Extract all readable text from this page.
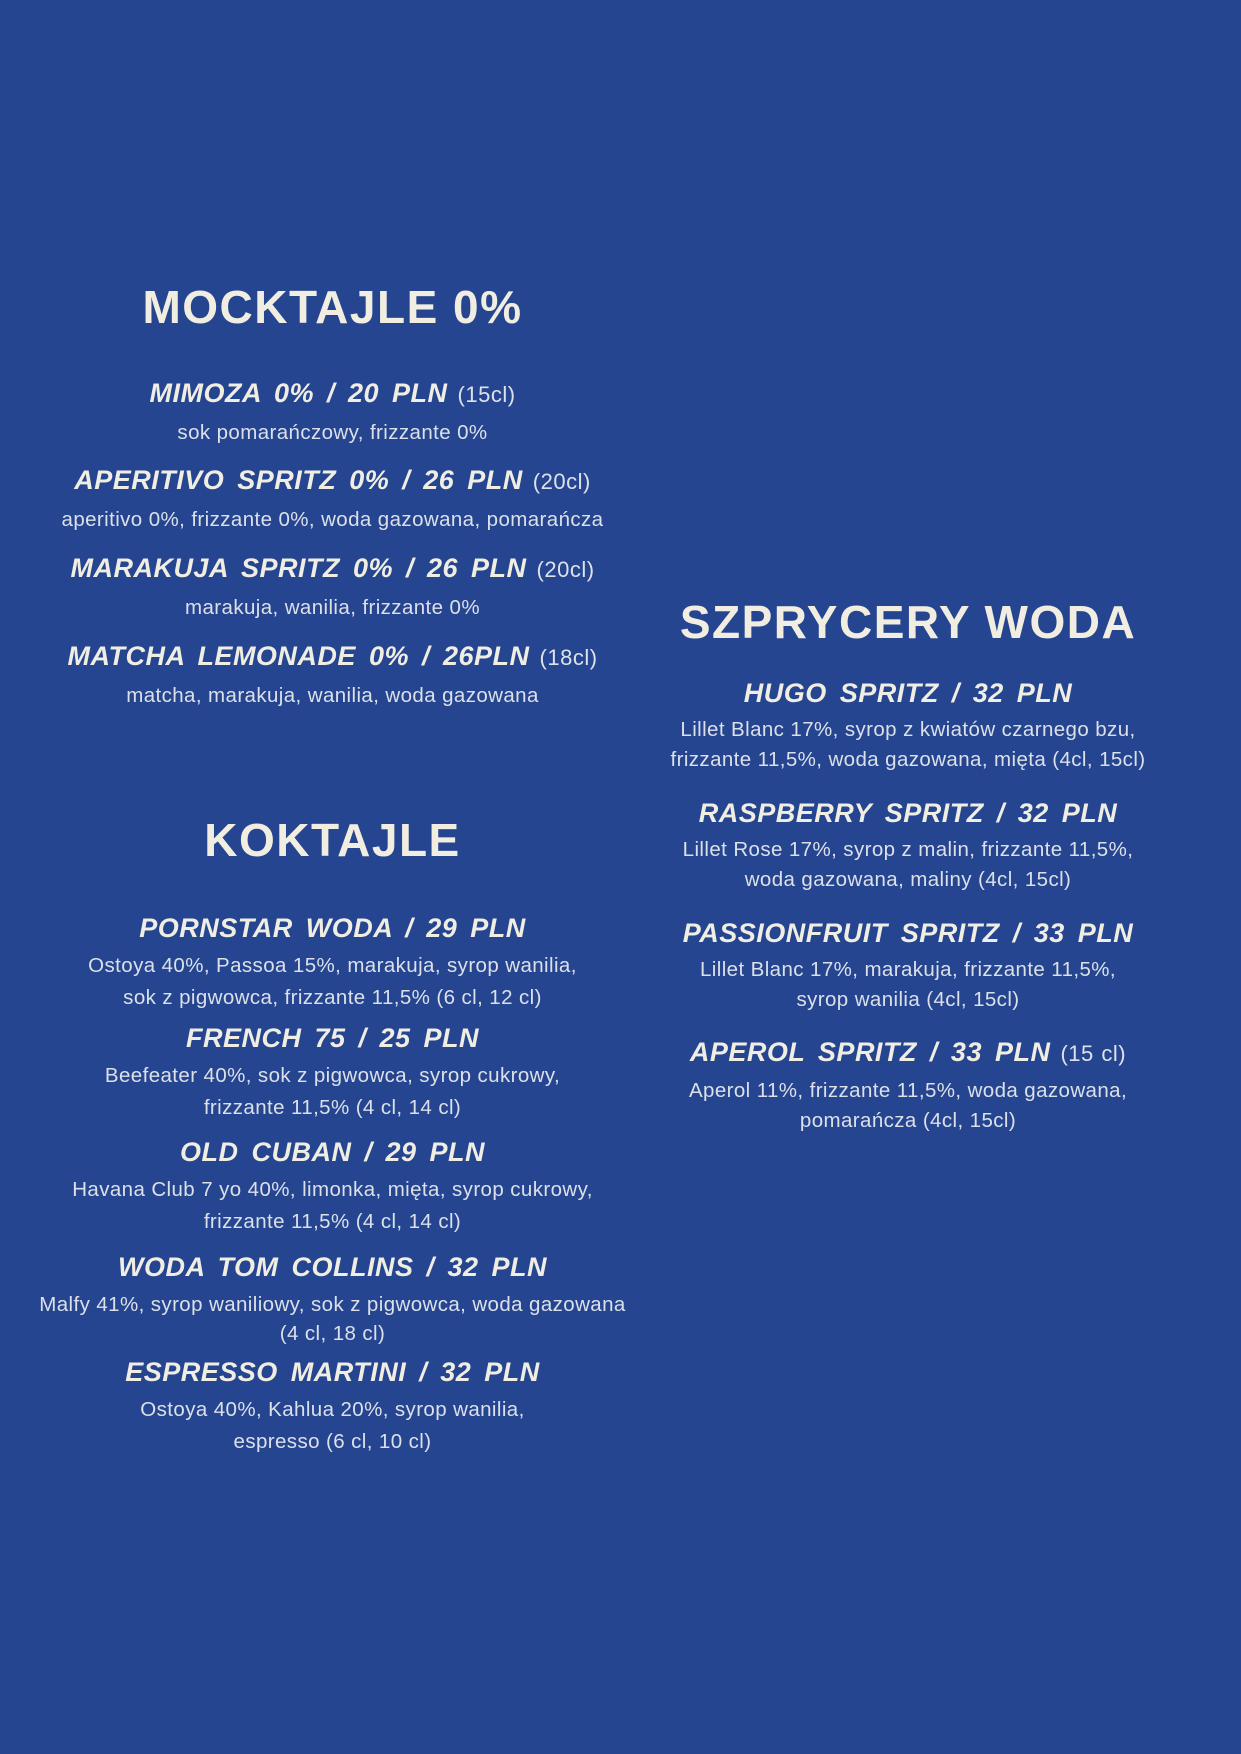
MOCKTAJLE 0%
MIMOZA 0% / 20 PLN (15cl)
sok pomarańczowy, frizzante 0%
APERITIVO SPRITZ 0% / 26 PLN (20cl)
aperitivo 0%, frizzante 0%, woda gazowana, pomarańcza
MARAKUJA SPRITZ 0% / 26 PLN (20cl)
marakuja, wanilia, frizzante 0%
MATCHA LEMONADE 0% / 26PLN (18cl)
matcha, marakuja, wanilia, woda gazowana
KOKTAJLE
PORNSTAR WODA / 29 PLN
Ostoya 40%, Passoa 15%, marakuja, syrop wanilia,
sok z pigwowca, frizzante 11,5% (6 cl, 12 cl)
FRENCH 75 / 25 PLN
Beefeater 40%, sok z pigwowca, syrop cukrowy,
frizzante 11,5% (4 cl, 14 cl)
OLD CUBAN / 29 PLN
Havana Club 7 yo 40%, limonka, mięta, syrop cukrowy,
frizzante 11,5% (4 cl, 14 cl)
WODA TOM COLLINS / 32 PLN
Malfy 41%, syrop waniliowy, sok z pigwowca, woda gazowana
(4 cl, 18 cl)
ESPRESSO MARTINI / 32 PLN
Ostoya 40%, Kahlua 20%, syrop wanilia,
espresso (6 cl, 10 cl)
SZPRYCERY WODA
HUGO SPRITZ / 32 PLN
Lillet Blanc 17%, syrop z kwiatów czarnego bzu,
frizzante 11,5%, woda gazowana, mięta (4cl, 15cl)
RASPBERRY SPRITZ / 32 PLN
Lillet Rose 17%, syrop z malin, frizzante 11,5%,
woda gazowana, maliny (4cl, 15cl)
PASSIONFRUIT SPRITZ / 33 PLN
Lillet Blanc 17%, marakuja, frizzante 11,5%,
syrop wanilia (4cl, 15cl)
APEROL SPRITZ / 33 PLN (15 cl)
Aperol 11%, frizzante 11,5%, woda gazowana,
pomarańcza (4cl, 15cl)
